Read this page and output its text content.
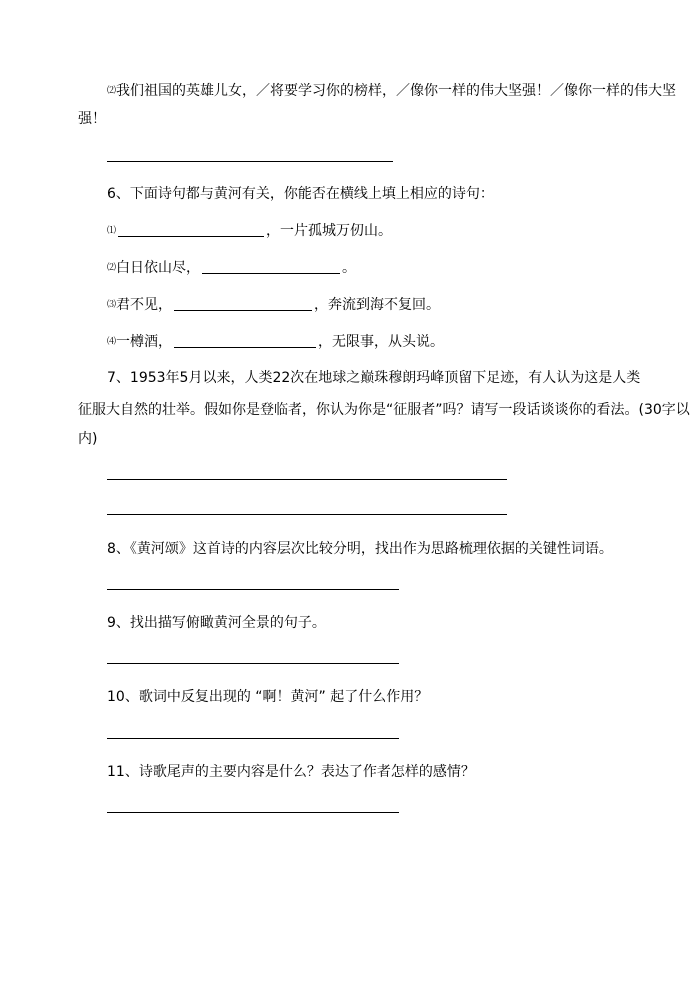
⑵我们祖国的英雄儿女，／将要学习你的榜样，／像你一样的伟大坚强！／像你一样的伟大坚
强！
6、下面诗句都与黄河有关，你能否在横线上填上相应的诗句：
⑴	，一片孤城万仞山。
⑵白日依山尽，	。
⑶君不见，	，奔流到海不复回。
⑷一樽酒，	，无限事，从头说。
7、1953年5月以来，人类22次在地球之巅珠穆朗玛峰顶留下足迹，有人认为这是人类
征服大自然的壮举。假如你是登临者，你认为你是“征服者”吗？请写一段话谈谈你的看法。(30字以
内)
8、《黄河颂》这首诗的内容层次比较分明，找出作为思路梳理依据的关键性词语。
9、找出描写俯瞰黄河全景的句子。
10、歌词中反复出现的 “啊！黄河” 起了什么作用？
11、诗歌尾声的主要内容是什么？表达了作者怎样的感情？
